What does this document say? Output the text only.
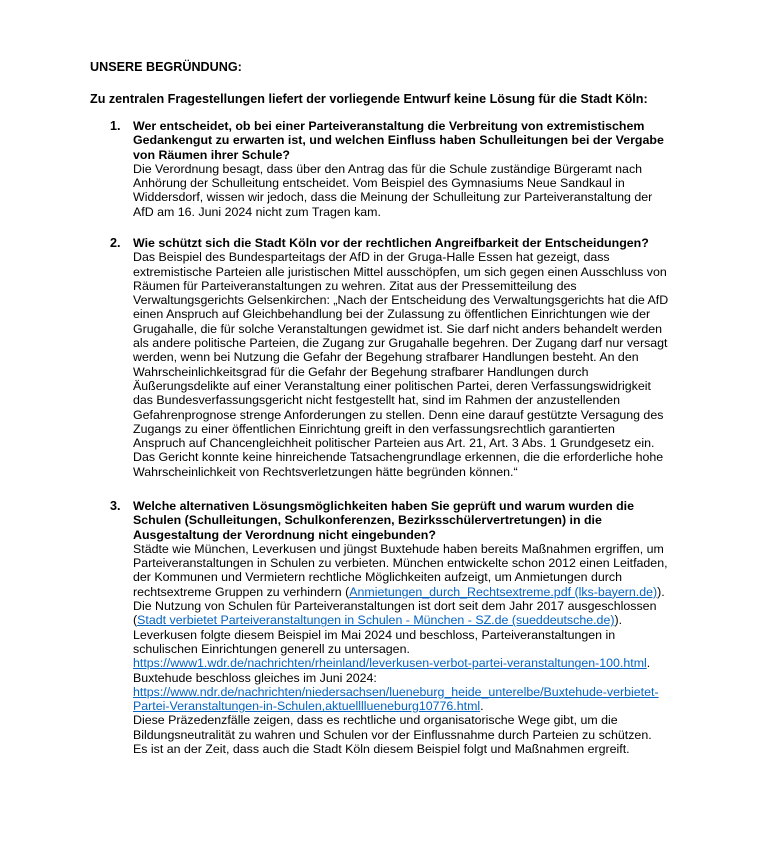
UNSERE BEGRÜNDUNG:
Zu zentralen Fragestellungen liefert der vorliegende Entwurf keine Lösung für die Stadt Köln:
1. Wer entscheidet, ob bei einer Parteiveranstaltung die Verbreitung von extremistischem
Gedankengut zu erwarten ist, und welchen Einfluss haben Schulleitungen bei der Vergabe
von Räumen ihrer Schule?
Die Verordnung besagt, dass über den Antrag das für die Schule zuständige Bürgeramt nach
Anhörung der Schulleitung entscheidet. Vom Beispiel des Gymnasiums Neue Sandkaul in
Widdersdorf, wissen wir jedoch, dass die Meinung der Schulleitung zur Parteiveranstaltung der
AfD am 16. Juni 2024 nicht zum Tragen kam.
2. Wie schützt sich die Stadt Köln vor der rechtlichen Angreifbarkeit der Entscheidungen?
Das Beispiel des Bundesparteitags der AfD in der Gruga-Halle Essen hat gezeigt, dass
extremistische Parteien alle juristischen Mittel ausschöpfen, um sich gegen einen Ausschluss von
Räumen für Parteiveranstaltungen zu wehren. Zitat aus der Pressemitteilung des
Verwaltungsgerichts Gelsenkirchen: „Nach der Entscheidung des Verwaltungsgerichts hat die AfD
einen Anspruch auf Gleichbehandlung bei der Zulassung zu öffentlichen Einrichtungen wie der
Grugahalle, die für solche Veranstaltungen gewidmet ist. Sie darf nicht anders behandelt werden
als andere politische Parteien, die Zugang zur Grugahalle begehren. Der Zugang darf nur versagt
werden, wenn bei Nutzung die Gefahr der Begehung strafbarer Handlungen besteht. An den
Wahrscheinlichkeitsgrad für die Gefahr der Begehung strafbarer Handlungen durch
Äußerungsdelikte auf einer Veranstaltung einer politischen Partei, deren Verfassungswidrigkeit
das Bundesverfassungsgericht nicht festgestellt hat, sind im Rahmen der anzustellenden
Gefahrenprognose strenge Anforderungen zu stellen. Denn eine darauf gestützte Versagung des
Zugangs zu einer öffentlichen Einrichtung greift in den verfassungsrechtlich garantierten
Anspruch auf Chancengleichheit politischer Parteien aus Art. 21, Art. 3 Abs. 1 Grundgesetz ein.
Das Gericht konnte keine hinreichende Tatsachengrundlage erkennen, die die erforderliche hohe
Wahrscheinlichkeit von Rechtsverletzungen hätte begründen können.“
3. Welche alternativen Lösungsmöglichkeiten haben Sie geprüft und warum wurden die
Schulen (Schulleitungen, Schulkonferenzen, Bezirksschülervertretungen) in die
Ausgestaltung der Verordnung nicht eingebunden?
Städte wie München, Leverkusen und jüngst Buxtehude haben bereits Maßnahmen ergriffen, um
Parteiveranstaltungen in Schulen zu verbieten. München entwickelte schon 2012 einen Leitfaden,
der Kommunen und Vermietern rechtliche Möglichkeiten aufzeigt, um Anmietungen durch
rechtsextreme Gruppen zu verhindern (Anmietungen_durch_Rechtsextreme.pdf (lks-bayern.de)).
Die Nutzung von Schulen für Parteiveranstaltungen ist dort seit dem Jahr 2017 ausgeschlossen
(Stadt verbietet Parteiveranstaltungen in Schulen - München - SZ.de (sueddeutsche.de)).
Leverkusen folgte diesem Beispiel im Mai 2024 und beschloss, Parteiveranstaltungen in
schulischen Einrichtungen generell zu untersagen.
https://www1.wdr.de/nachrichten/rheinland/leverkusen-verbot-partei-veranstaltungen-100.html.
Buxtehude beschloss gleiches im Juni 2024:
https://www.ndr.de/nachrichten/niedersachsen/lueneburg_heide_unterelbe/Buxtehude-verbietet-
Partei-Veranstaltungen-in-Schulen,aktuellllueneburg10776.html.
Diese Präzedenzfälle zeigen, dass es rechtliche und organisatorische Wege gibt, um die
Bildungsneutralität zu wahren und Schulen vor der Einflussnahme durch Parteien zu schützen.
Es ist an der Zeit, dass auch die Stadt Köln diesem Beispiel folgt und Maßnahmen ergreift.
